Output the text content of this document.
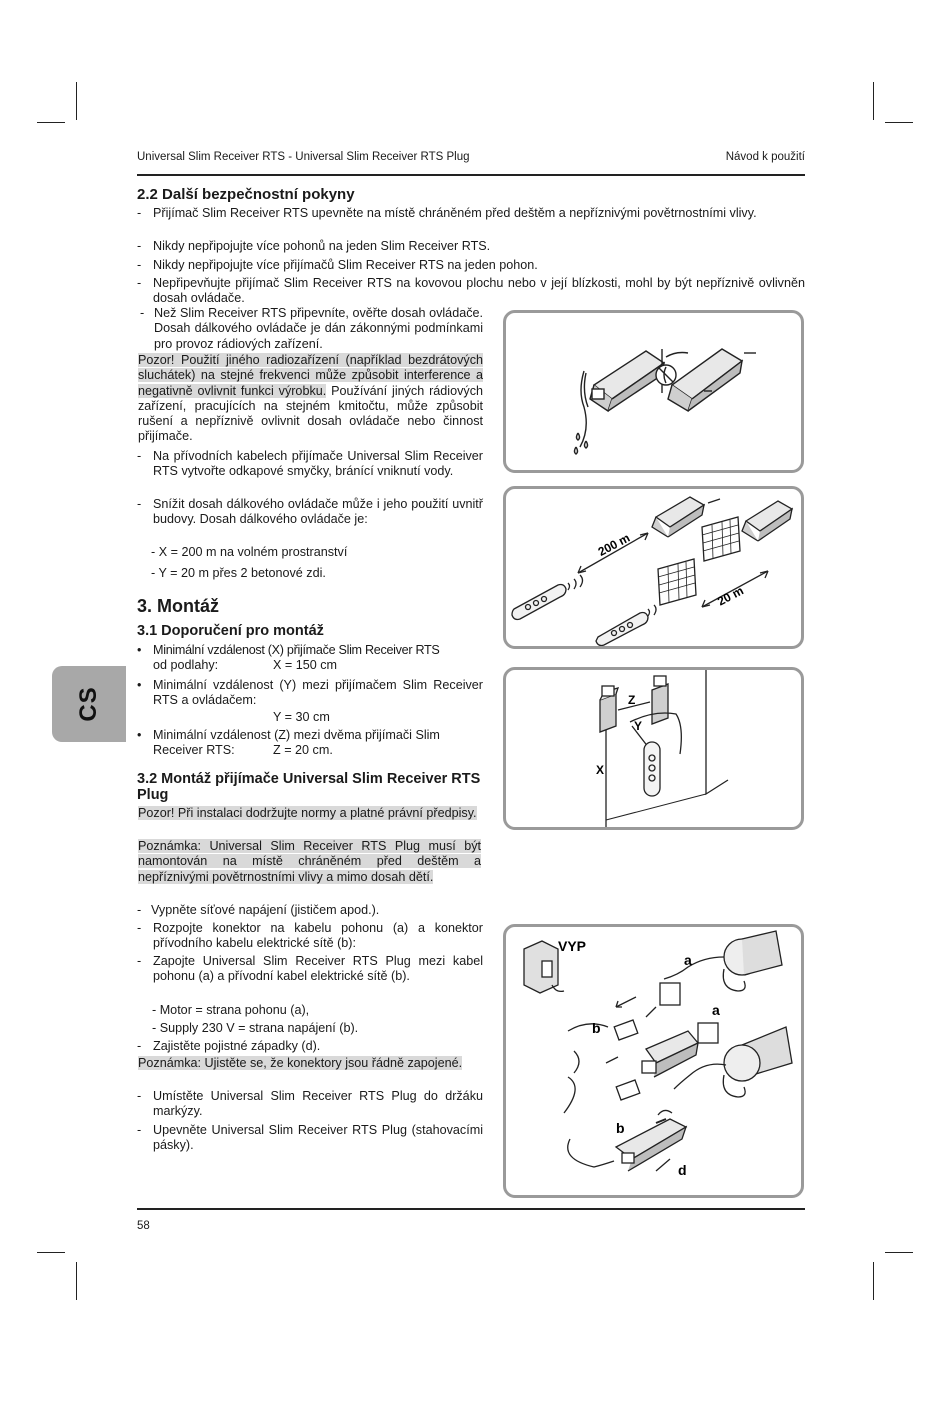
Universal Slim Receiver RTS - Universal Slim Receiver RTS Plug	Návod k použití
CS
2.2 Další bezpečnostní pokyny
- Přijímač Slim Receiver RTS upevněte na místě chráněném před deštěm a nepříznivými povětrnostními vlivy.
- Nikdy nepřipojujte více pohonů na jeden Slim Receiver RTS.
- Nikdy nepřipojujte více přijímačů Slim Receiver RTS na jeden pohon.
- Nepřipevňujte přijímač Slim Receiver RTS na kovovou plochu nebo v její blízkosti, mohl by být nepříznivě ovlivněn dosah ovládače.
- Než Slim Receiver RTS připevníte, ověřte dosah ovládače. Dosah dálkového ovládače je dán zákonnými podmínkami pro provoz rádiových zařízení.
Pozor! Použití jiného radiozařízení (například bezdrátových sluchátek) na stejné frekvenci může způsobit interference a negativně ovlivnit funkci výrobku. Používání jiných rádiových zařízení, pracujících na stejném kmitočtu, může způsobit rušení a nepříznivě ovlivnit dosah ovládače nebo činnost přijímače.
- Na přívodních kabelech přijímače Universal Slim Receiver RTS vytvořte odkapové smyčky, bránící vniknutí vody.
- Snížit dosah dálkového ovládače může i jeho použití uvnitř budovy. Dosah dálkového ovládače je:
- X = 200 m na volném prostranství
- Y = 20 m přes 2 betonové zdi.
3. Montáž
3.1 Doporučení pro montáž
• Minimální vzdálenost (X) přijímače Slim Receiver RTS
od podlahy:	X = 150 cm
• Minimální vzdálenost (Y) mezi přijímačem Slim Receiver RTS a ovládačem:
Y = 30 cm
• Minimální vzdálenost (Z) mezi dvěma přijímači Slim
Receiver RTS:	Z = 20 cm.
3.2 Montáž přijímače Universal Slim Receiver RTS Plug
Pozor! Při instalaci dodržujte normy a platné právní předpisy.
Poznámka: Universal Slim Receiver RTS Plug musí být namontován na místě chráněném před deštěm a nepříznivými povětrnostními vlivy a mimo dosah dětí.
- Vypněte síťové napájení (jističem apod.).
- Rozpojte konektor na kabelu pohonu (a) a konektor přívodního kabelu elektrické sítě (b):
- Zapojte Universal Slim Receiver RTS Plug mezi kabel pohonu (a) a přívodní kabel elektrické sítě (b).
- Motor = strana pohonu (a),
- Supply 230 V = strana napájení (b).
- Zajistěte pojistné západky (d).
Poznámka: Ujistěte se, že konektory jsou řádně zapojené.
- Umístěte Universal Slim Receiver RTS Plug do držáku markýzy.
- Upevněte Universal Slim Receiver RTS Plug (stahovacími pásky).
200 m
20 m
Z
Y
X
VYP
a
a
b
b
d
58
